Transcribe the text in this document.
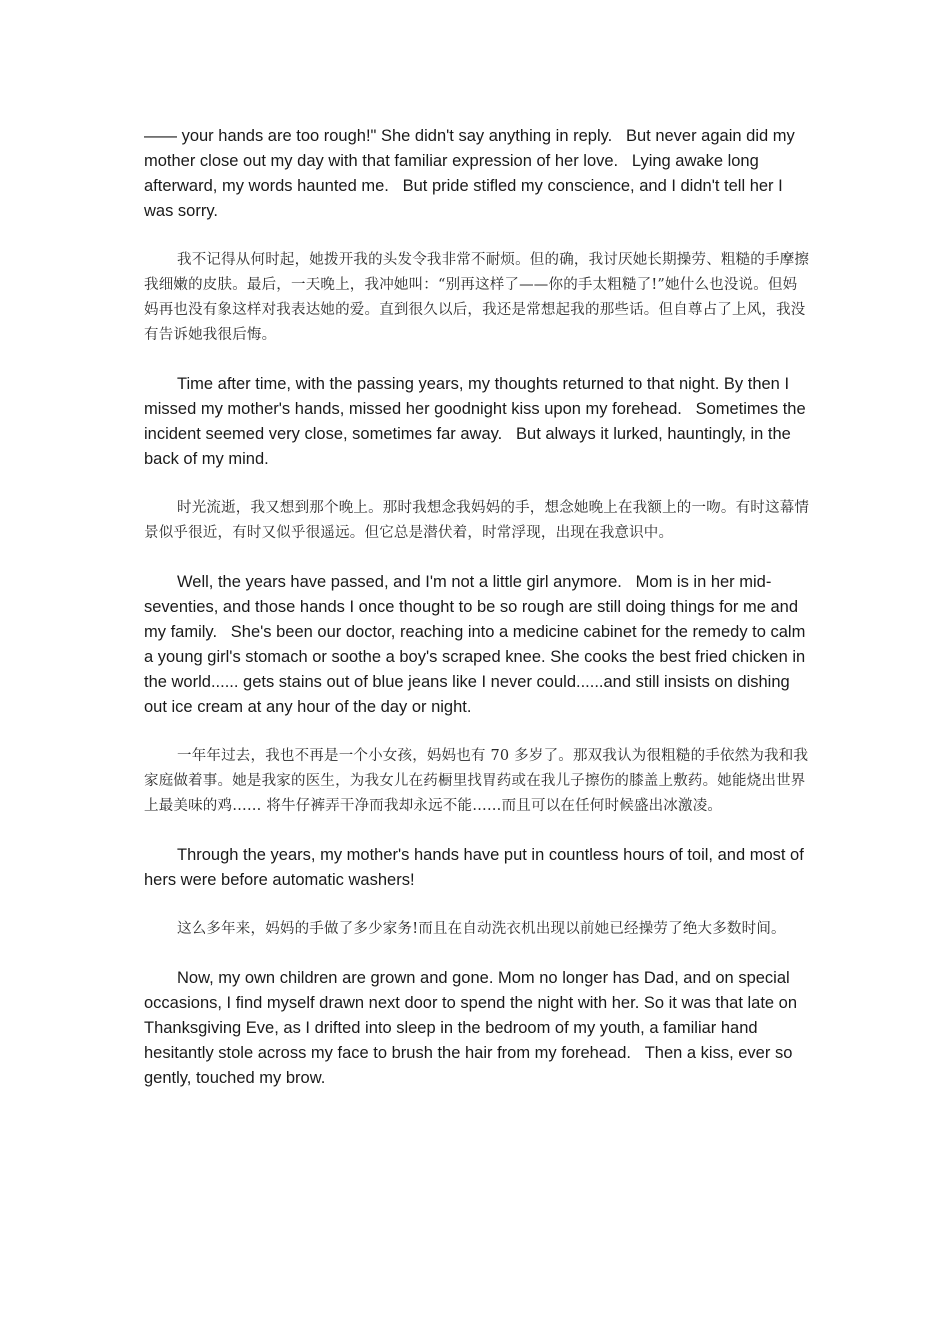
—— your hands are too rough!" She didn't say anything in reply.   But never again did my mother close out my day with that familiar expression of her love.   Lying awake long afterward, my words haunted me.   But pride stifled my conscience, and I didn't tell her I was sorry.

我不记得从何时起，她拨开我的头发令我非常不耐烦。但的确，我讨厌她长期操劳、粗糙的手摩擦我细嫩的皮肤。最后，一天晚上，我冲她叫：“别再这样了——你的手太粗糙了!”她什么也没说。但妈妈再也没有象这样对我表达她的爱。直到很久以后，我还是常想起我的那些话。但自尊占了上风，我没有告诉她我很后悔。

Time after time, with the passing years, my thoughts returned to that night. By then I missed my mother's hands, missed her goodnight kiss upon my forehead.   Sometimes the incident seemed very close, sometimes far away.   But always it lurked, hauntingly, in the back of my mind.

时光流逝，我又想到那个晚上。那时我想念我妈妈的手，想念她晚上在我额上的一吻。有时这幕情景似乎很近，有时又似乎很遥远。但它总是潜伏着，时常浮现，出现在我意识中。

Well, the years have passed, and I'm not a little girl anymore.   Mom is in her mid-seventies, and those hands I once thought to be so rough are still doing things for me and my family.   She's been our doctor, reaching into a medicine cabinet for the remedy to calm a young girl's stomach or soothe a boy's scraped knee. She cooks the best fried chicken in the world...... gets stains out of blue jeans like I never could......and still insists on dishing out ice cream at any hour of the day or night.

一年年过去，我也不再是一个小女孩，妈妈也有 70 多岁了。那双我认为很粗糙的手依然为我和我家庭做着事。她是我家的医生，为我女儿在药橱里找胃药或在我儿子擦伤的膝盖上敷药。她能烧出世界上最美味的鸡…… 将牛仔裤弄干净而我却永远不能……而且可以在任何时候盛出冰激凌。

Through the years, my mother's hands have put in countless hours of toil, and most of hers were before automatic washers!

这么多年来，妈妈的手做了多少家务!而且在自动洗衣机出现以前她已经操劳了绝大多数时间。

Now, my own children are grown and gone. Mom no longer has Dad, and on special occasions, I find myself drawn next door to spend the night with her. So it was that late on Thanksgiving Eve, as I drifted into sleep in the bedroom of my youth, a familiar hand hesitantly stole across my face to brush the hair from my forehead.   Then a kiss, ever so gently, touched my brow.
